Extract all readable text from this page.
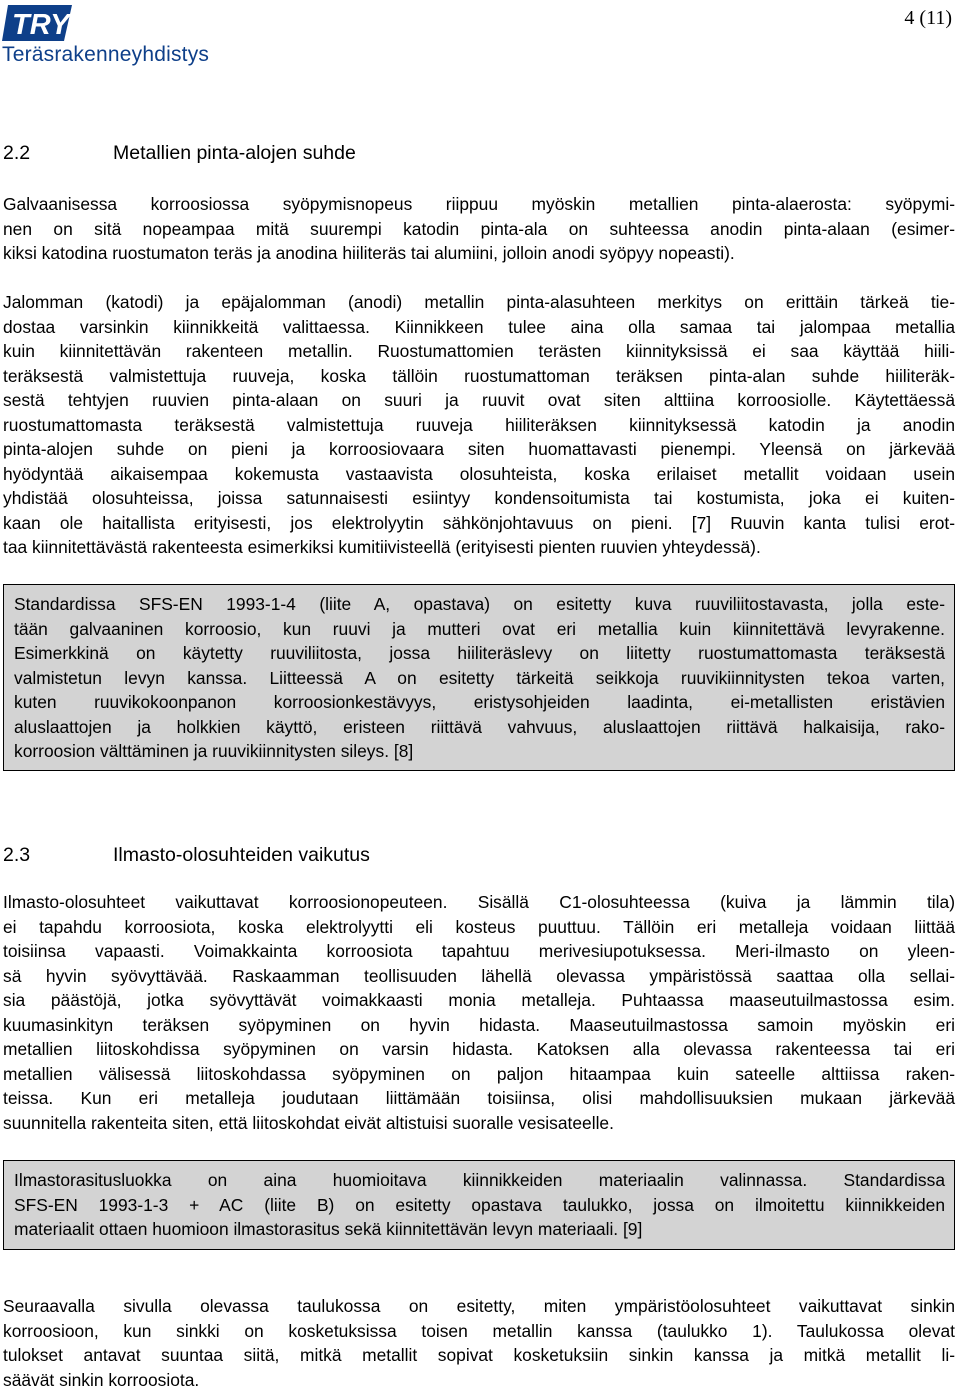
TRY
Teräsrakenneyhdistys
4 (11)
2.2	Metallien pinta-alojen suhde
Galvaanisessa korroosiossa syöpymisnopeus riippuu myöskin metallien pinta-alaerosta: syöpymi-
nen on sitä nopeampaa mitä suurempi katodin pinta-ala on suhteessa anodin pinta-alaan (esimer-
kiksi katodina ruostumaton teräs ja anodina hiiliteräs tai alumiini, jolloin anodi syöpyy nopeasti).
Jalomman (katodi) ja epäjalomman (anodi) metallin pinta-alasuhteen merkitys on erittäin tärkeä tie-
dostaa varsinkin kiinnikkeitä valittaessa. Kiinnikkeen tulee aina olla samaa tai jalompaa metallia
kuin kiinnitettävän rakenteen metallin. Ruostumattomien terästen kiinnityksissä ei saa käyttää hiili-
teräksestä valmistettuja ruuveja, koska tällöin ruostumattoman teräksen pinta-alan suhde hiiliteräk-
sestä tehtyjen ruuvien pinta-alaan on suuri ja ruuvit ovat siten alttiina korroosiolle. Käytettäessä
ruostumattomasta teräksestä valmistettuja ruuveja hiiliteräksen kiinnityksessä katodin ja anodin
pinta-alojen suhde on pieni ja korroosiovaara siten huomattavasti pienempi. Yleensä on järkevää
hyödyntää aikaisempaa kokemusta vastaavista olosuhteista, koska erilaiset metallit voidaan usein
yhdistää olosuhteissa, joissa satunnaisesti esiintyy kondensoitumista tai kostumista, joka ei kuiten-
kaan ole haitallista erityisesti, jos elektrolyytin sähkönjohtavuus on pieni. [7] Ruuvin kanta tulisi erot-
taa kiinnitettävästä rakenteesta esimerkiksi kumitiivisteellä (erityisesti pienten ruuvien yhteydessä).
Standardissa SFS-EN 1993-1-4 (liite A, opastava) on esitetty kuva ruuviliitostavasta, jolla este-
tään galvaaninen korroosio, kun ruuvi ja mutteri ovat eri metallia kuin kiinnitettävä levyrakenne.
Esimerkkinä on käytetty ruuviliitosta, jossa hiiliteräslevy on liitetty ruostumattomasta teräksestä
valmistetun levyn kanssa. Liitteessä A on esitetty tärkeitä seikkoja ruuvikiinnitysten tekoa varten,
kuten ruuvikokoonpanon korroosionkestävyys, eristysohjeiden laadinta, ei-metallisten eristävien
aluslaattojen ja holkkien käyttö, eristeen riittävä vahvuus, aluslaattojen riittävä halkaisija, rako-
korroosion välttäminen ja ruuvikiinnitysten sileys. [8]
2.3	Ilmasto-olosuhteiden vaikutus
Ilmasto-olosuhteet vaikuttavat korroosionopeuteen. Sisällä C1-olosuhteessa (kuiva ja lämmin tila)
ei tapahdu korroosiota, koska elektrolyytti eli kosteus puuttuu. Tällöin eri metalleja voidaan liittää
toisiinsa vapaasti. Voimakkainta korroosiota tapahtuu merivesiupotuksessa. Meri-ilmasto on yleen-
sä hyvin syövyttävää. Raskaamman teollisuuden lähellä olevassa ympäristössä saattaa olla sellai-
sia päästöjä, jotka syövyttävät voimakkaasti monia metalleja. Puhtaassa maaseutuilmastossa esim.
kuumasinkityn teräksen syöpyminen on hyvin hidasta. Maaseutuilmastossa samoin myöskin eri
metallien liitoskohdissa syöpyminen on varsin hidasta. Katoksen alla olevassa rakenteessa tai eri
metallien välisessä liitoskohdassa syöpyminen on paljon hitaampaa kuin sateelle alttiissa raken-
teissa. Kun eri metalleja joudutaan liittämään toisiinsa, olisi mahdollisuuksien mukaan järkevää
suunnitella rakenteita siten, että liitoskohdat eivät altistuisi suoralle vesisateelle.
Ilmastorasitusluokka on aina huomioitava kiinnikkeiden materiaalin valinnassa. Standardissa
SFS-EN 1993-1-3 + AC (liite B) on esitetty opastava taulukko, jossa on ilmoitettu kiinnikkeiden
materiaalit ottaen huomioon ilmastorasitus sekä kiinnitettävän levyn materiaali. [9]
Seuraavalla sivulla olevassa taulukossa on esitetty, miten ympäristöolosuhteet vaikuttavat sinkin
korroosioon, kun sinkki on kosketuksissa toisen metallin kanssa (taulukko 1). Taulukossa olevat
tulokset antavat suuntaa siitä, mitkä metallit sopivat kosketuksiin sinkin kanssa ja mitkä metallit li-
säävät sinkin korroosiota.
